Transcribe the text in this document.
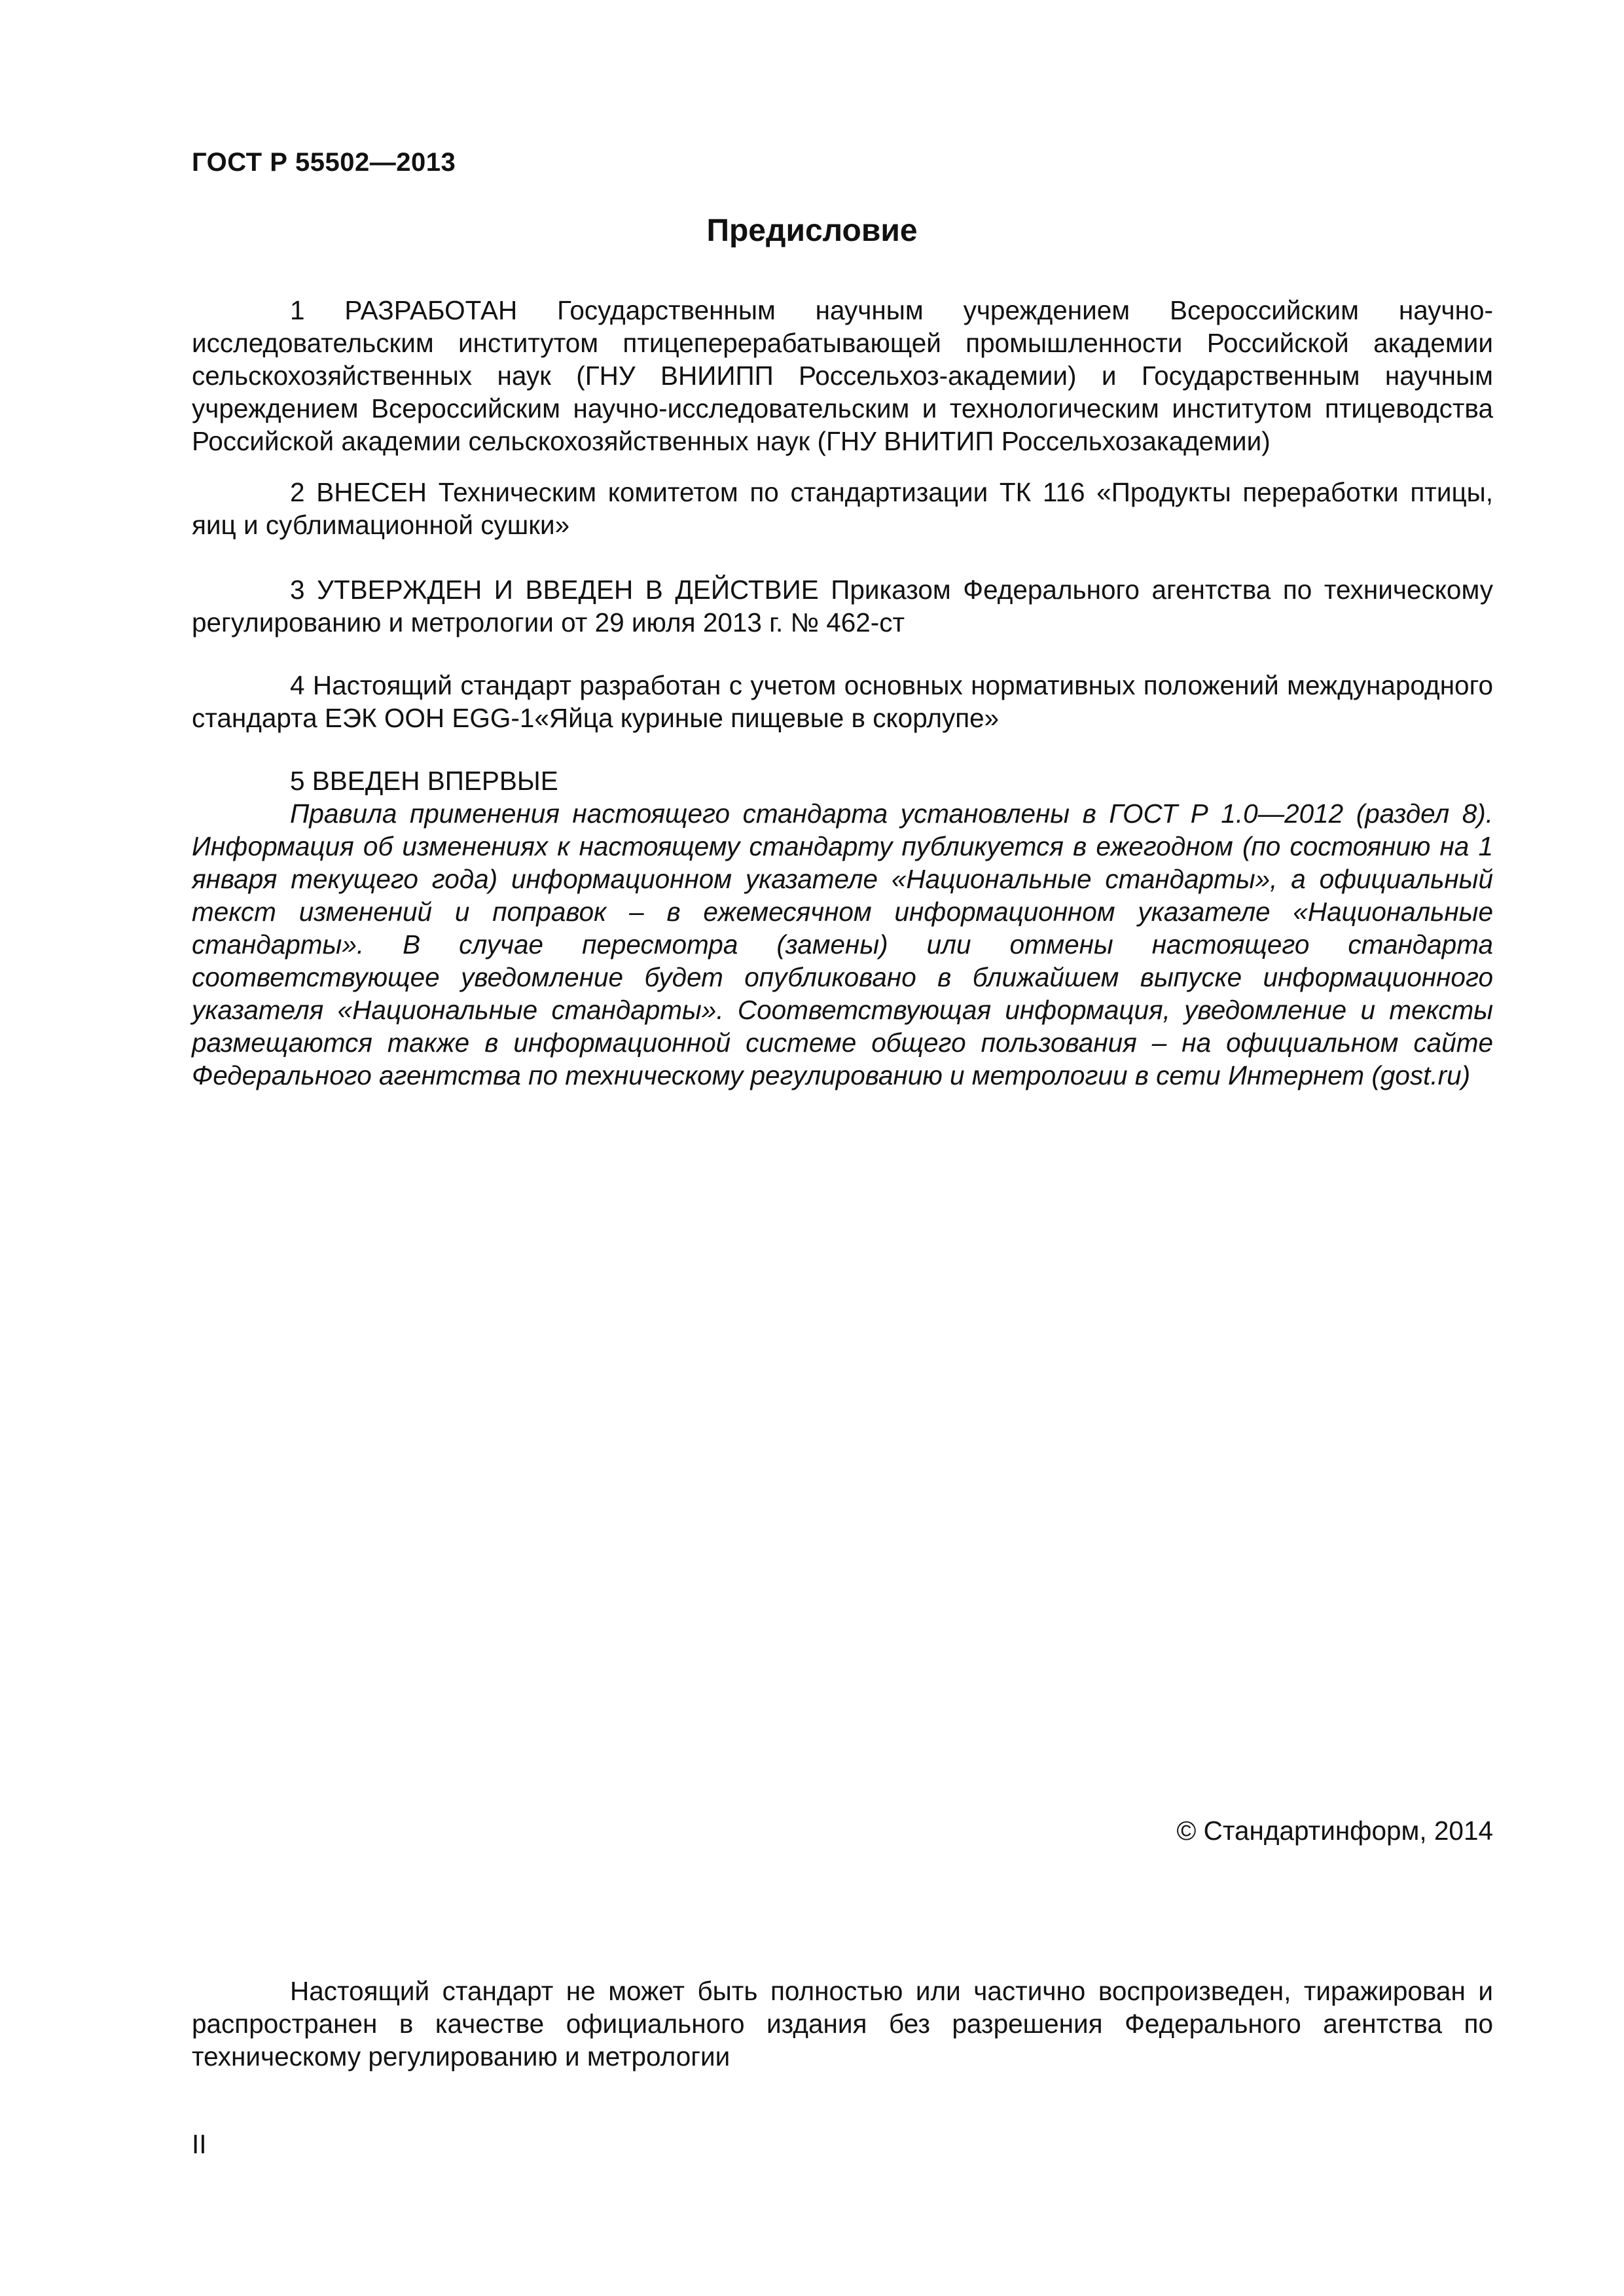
ГОСТ Р 55502—2013
Предисловие

1 РАЗРАБОТАН Государственным научным учреждением Всероссийским научно-исследовательским институтом птицеперерабатывающей промышленности Российской академии сельскохозяйственных наук (ГНУ ВНИИПП Россельхоз-академии) и Государственным научным учреждением Всероссийским научно-исследовательским и технологическим институтом птицеводства Российской академии сельскохозяйственных наук (ГНУ ВНИТИП Россельхозакадемии)

2 ВНЕСЕН Техническим комитетом по стандартизации ТК 116 «Продукты переработки птицы, яиц и сублимационной сушки»

3 УТВЕРЖДЕН И ВВЕДЕН В ДЕЙСТВИЕ Приказом Федерального агентства по техническому регулированию и метрологии от 29 июля 2013 г. № 462-ст

4 Настоящий стандарт разработан с учетом основных нормативных положений международного стандарта ЕЭК ООН EGG-1«Яйца куриные пищевые в скорлупе»

5 ВВЕДЕН ВПЕРВЫЕ

Правила применения настоящего стандарта установлены в ГОСТ Р 1.0—2012 (раздел 8). Информация об изменениях к настоящему стандарту публикуется в ежегодном (по состоянию на 1 января текущего года) информационном указателе «Национальные стандарты», а официальный текст изменений и поправок – в ежемесячном информационном указателе «Национальные стандарты». В случае пересмотра (замены) или отмены настоящего стандарта соответствующее уведомление будет опубликовано в ближайшем выпуске информационного указателя «Национальные стандарты». Соответствующая информация, уведомление и тексты размещаются также в информационной системе общего пользования – на официальном сайте Федерального агентства по техническому регулированию и метрологии в сети Интернет (gost.ru)

© Стандартинформ, 2014

Настоящий стандарт не может быть полностью или частично воспроизведен, тиражирован и распространен в качестве официального издания без разрешения Федерального агентства по техническому регулированию и метрологии

II
